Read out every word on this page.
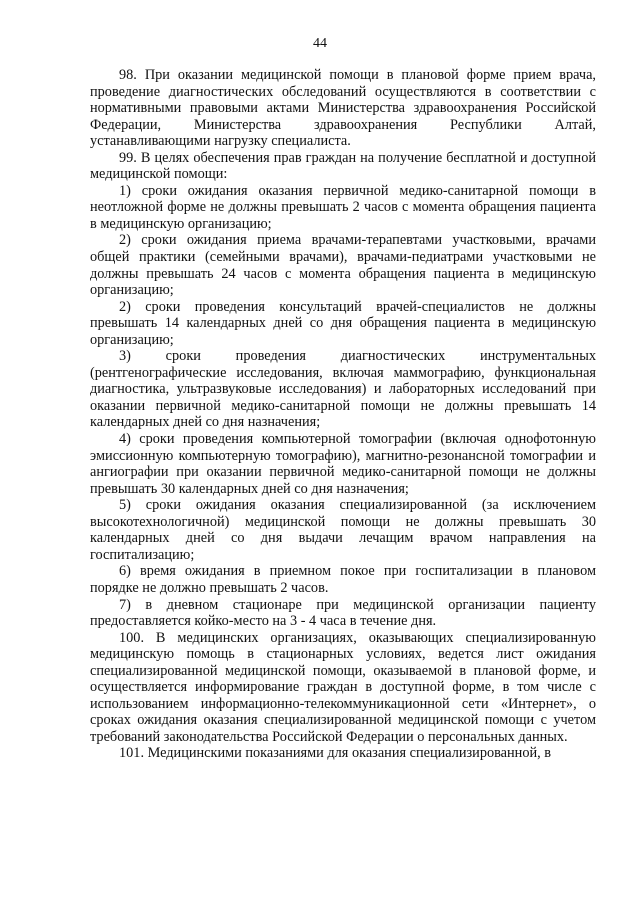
44

98. При оказании медицинской помощи в плановой форме прием врача, проведение диагностических обследований осуществляются в соответствии с нормативными правовыми актами Министерства здравоохранения Российской Федерации, Министерства здравоохранения Республики Алтай, устанавливающими нагрузку специалиста.

99. В целях обеспечения прав граждан на получение бесплатной и доступной медицинской помощи:

1) сроки ожидания оказания первичной медико-санитарной помощи в неотложной форме не должны превышать 2 часов с момента обращения пациента в медицинскую организацию;

2) сроки ожидания приема врачами-терапевтами участковыми, врачами общей практики (семейными врачами), врачами-педиатрами участковыми не должны превышать 24 часов с момента обращения пациента в медицинскую организацию;

2) сроки проведения консультаций врачей-специалистов не должны превышать 14 календарных дней со дня обращения пациента в медицинскую организацию;

3) сроки проведения диагностических инструментальных (рентгенографические исследования, включая маммографию, функциональная диагностика, ультразвуковые исследования) и лабораторных исследований при оказании первичной медико-санитарной помощи не должны превышать 14 календарных дней со дня назначения;

4) сроки проведения компьютерной томографии (включая однофотонную эмиссионную компьютерную томографию), магнитно-резонансной томографии и ангиографии при оказании первичной медико-санитарной помощи не должны превышать 30 календарных дней со дня назначения;

5) сроки ожидания оказания специализированной (за исключением высокотехнологичной) медицинской помощи не должны превышать 30 календарных дней со дня выдачи лечащим врачом направления на госпитализацию;

6) время ожидания в приемном покое при госпитализации в плановом порядке не должно превышать 2 часов.

7) в дневном стационаре при медицинской организации пациенту предоставляется койко-место на 3 - 4 часа в течение дня.

100. В медицинских организациях, оказывающих специализированную медицинскую помощь в стационарных условиях, ведется лист ожидания специализированной медицинской помощи, оказываемой в плановой форме, и осуществляется информирование граждан в доступной форме, в том числе с использованием информационно-телекоммуникационной сети «Интернет», о сроках ожидания оказания специализированной медицинской помощи с учетом требований законодательства Российской Федерации о персональных данных.

101. Медицинскими показаниями для оказания специализированной, в
